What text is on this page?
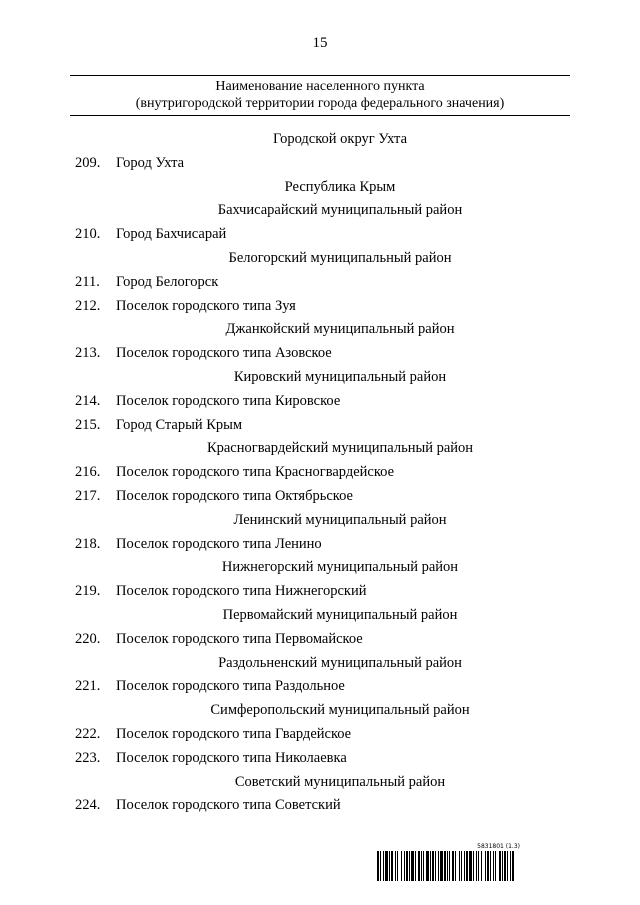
15
Наименование населенного пункта
(внутригородской территории города федерального значения)
Городской округ Ухта
209. Город Ухта
Республика Крым
Бахчисарайский муниципальный район
210. Город Бахчисарай
Белогорский муниципальный район
211. Город Белогорск
212. Поселок городского типа Зуя
Джанкойский муниципальный район
213. Поселок городского типа Азовское
Кировский муниципальный район
214. Поселок городского типа Кировское
215. Город Старый Крым
Красногвардейский муниципальный район
216. Поселок городского типа Красногвардейское
217. Поселок городского типа Октябрьское
Ленинский муниципальный район
218. Поселок городского типа Ленино
Нижнегорский муниципальный район
219. Поселок городского типа Нижнегорский
Первомайский муниципальный район
220. Поселок городского типа Первомайское
Раздольненский муниципальный район
221. Поселок городского типа Раздольное
Симферопольский муниципальный район
222. Поселок городского типа Гвардейское
223. Поселок городского типа Николаевка
Советский муниципальный район
224. Поселок городского типа Советский
5831801 (1.3)
